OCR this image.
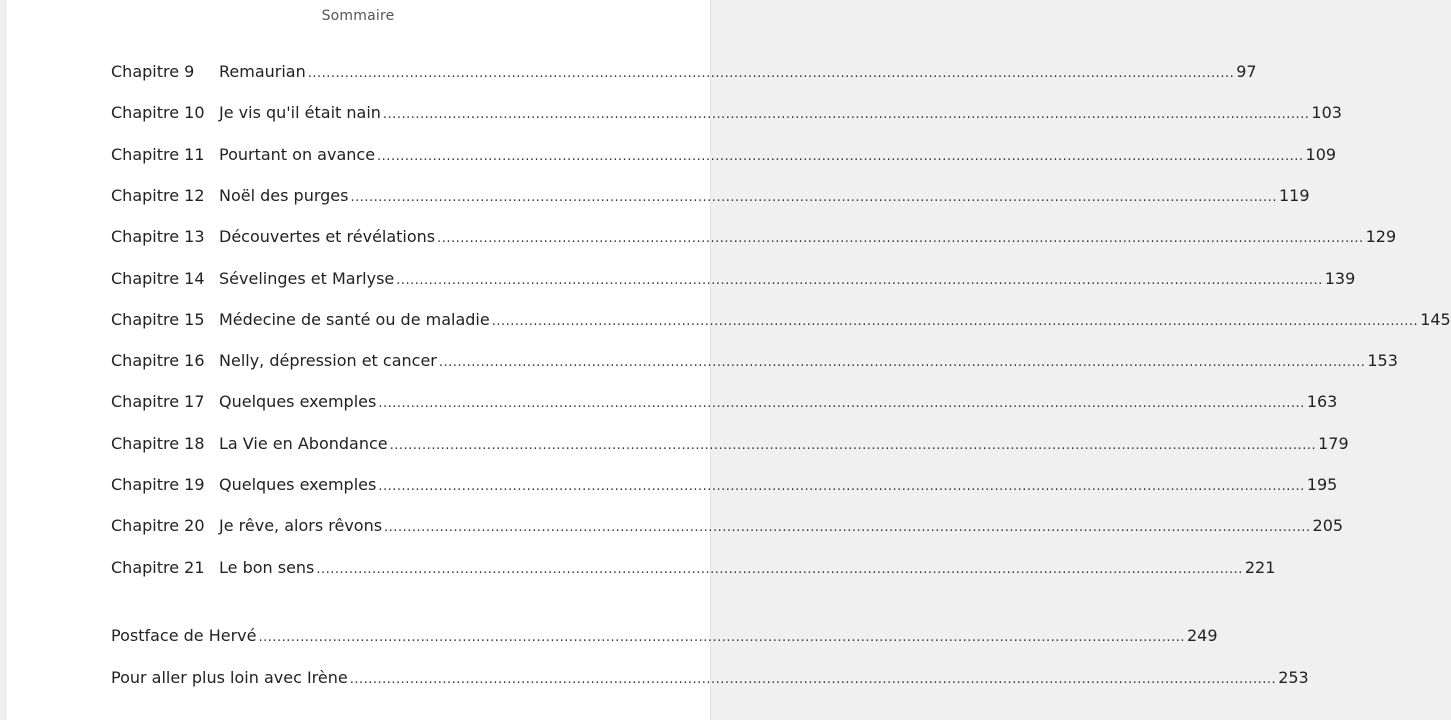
Sommaire
Chapitre 9	Remaurian ........................................................................................................................................................................................................ 97
Chapitre 10 Je vis qu'il était nain ........................................................................................................................................................................................................ 103
Chapitre 11 Pourtant on avance ........................................................................................................................................................................................................ 109
Chapitre 12 Noël des purges ........................................................................................................................................................................................................ 119
Chapitre 13 Découvertes et révélations ........................................................................................................................................................................................................ 129
Chapitre 14 Sévelinges et Marlyse ........................................................................................................................................................................................................ 139
Chapitre 15 Médecine de santé ou de maladie ........................................................................................................................................................................................................ 145
Chapitre 16 Nelly, dépression et cancer ........................................................................................................................................................................................................ 153
Chapitre 17 Quelques exemples ........................................................................................................................................................................................................ 163
Chapitre 18 La Vie en Abondance ........................................................................................................................................................................................................ 179
Chapitre 19 Quelques exemples ........................................................................................................................................................................................................ 195
Chapitre 20 Je rêve, alors rêvons ........................................................................................................................................................................................................ 205
Chapitre 21 Le bon sens ........................................................................................................................................................................................................ 221
Postface de Hervé ........................................................................................................................................................................................................ 249
Pour aller plus loin avec Irène ........................................................................................................................................................................................................ 253
